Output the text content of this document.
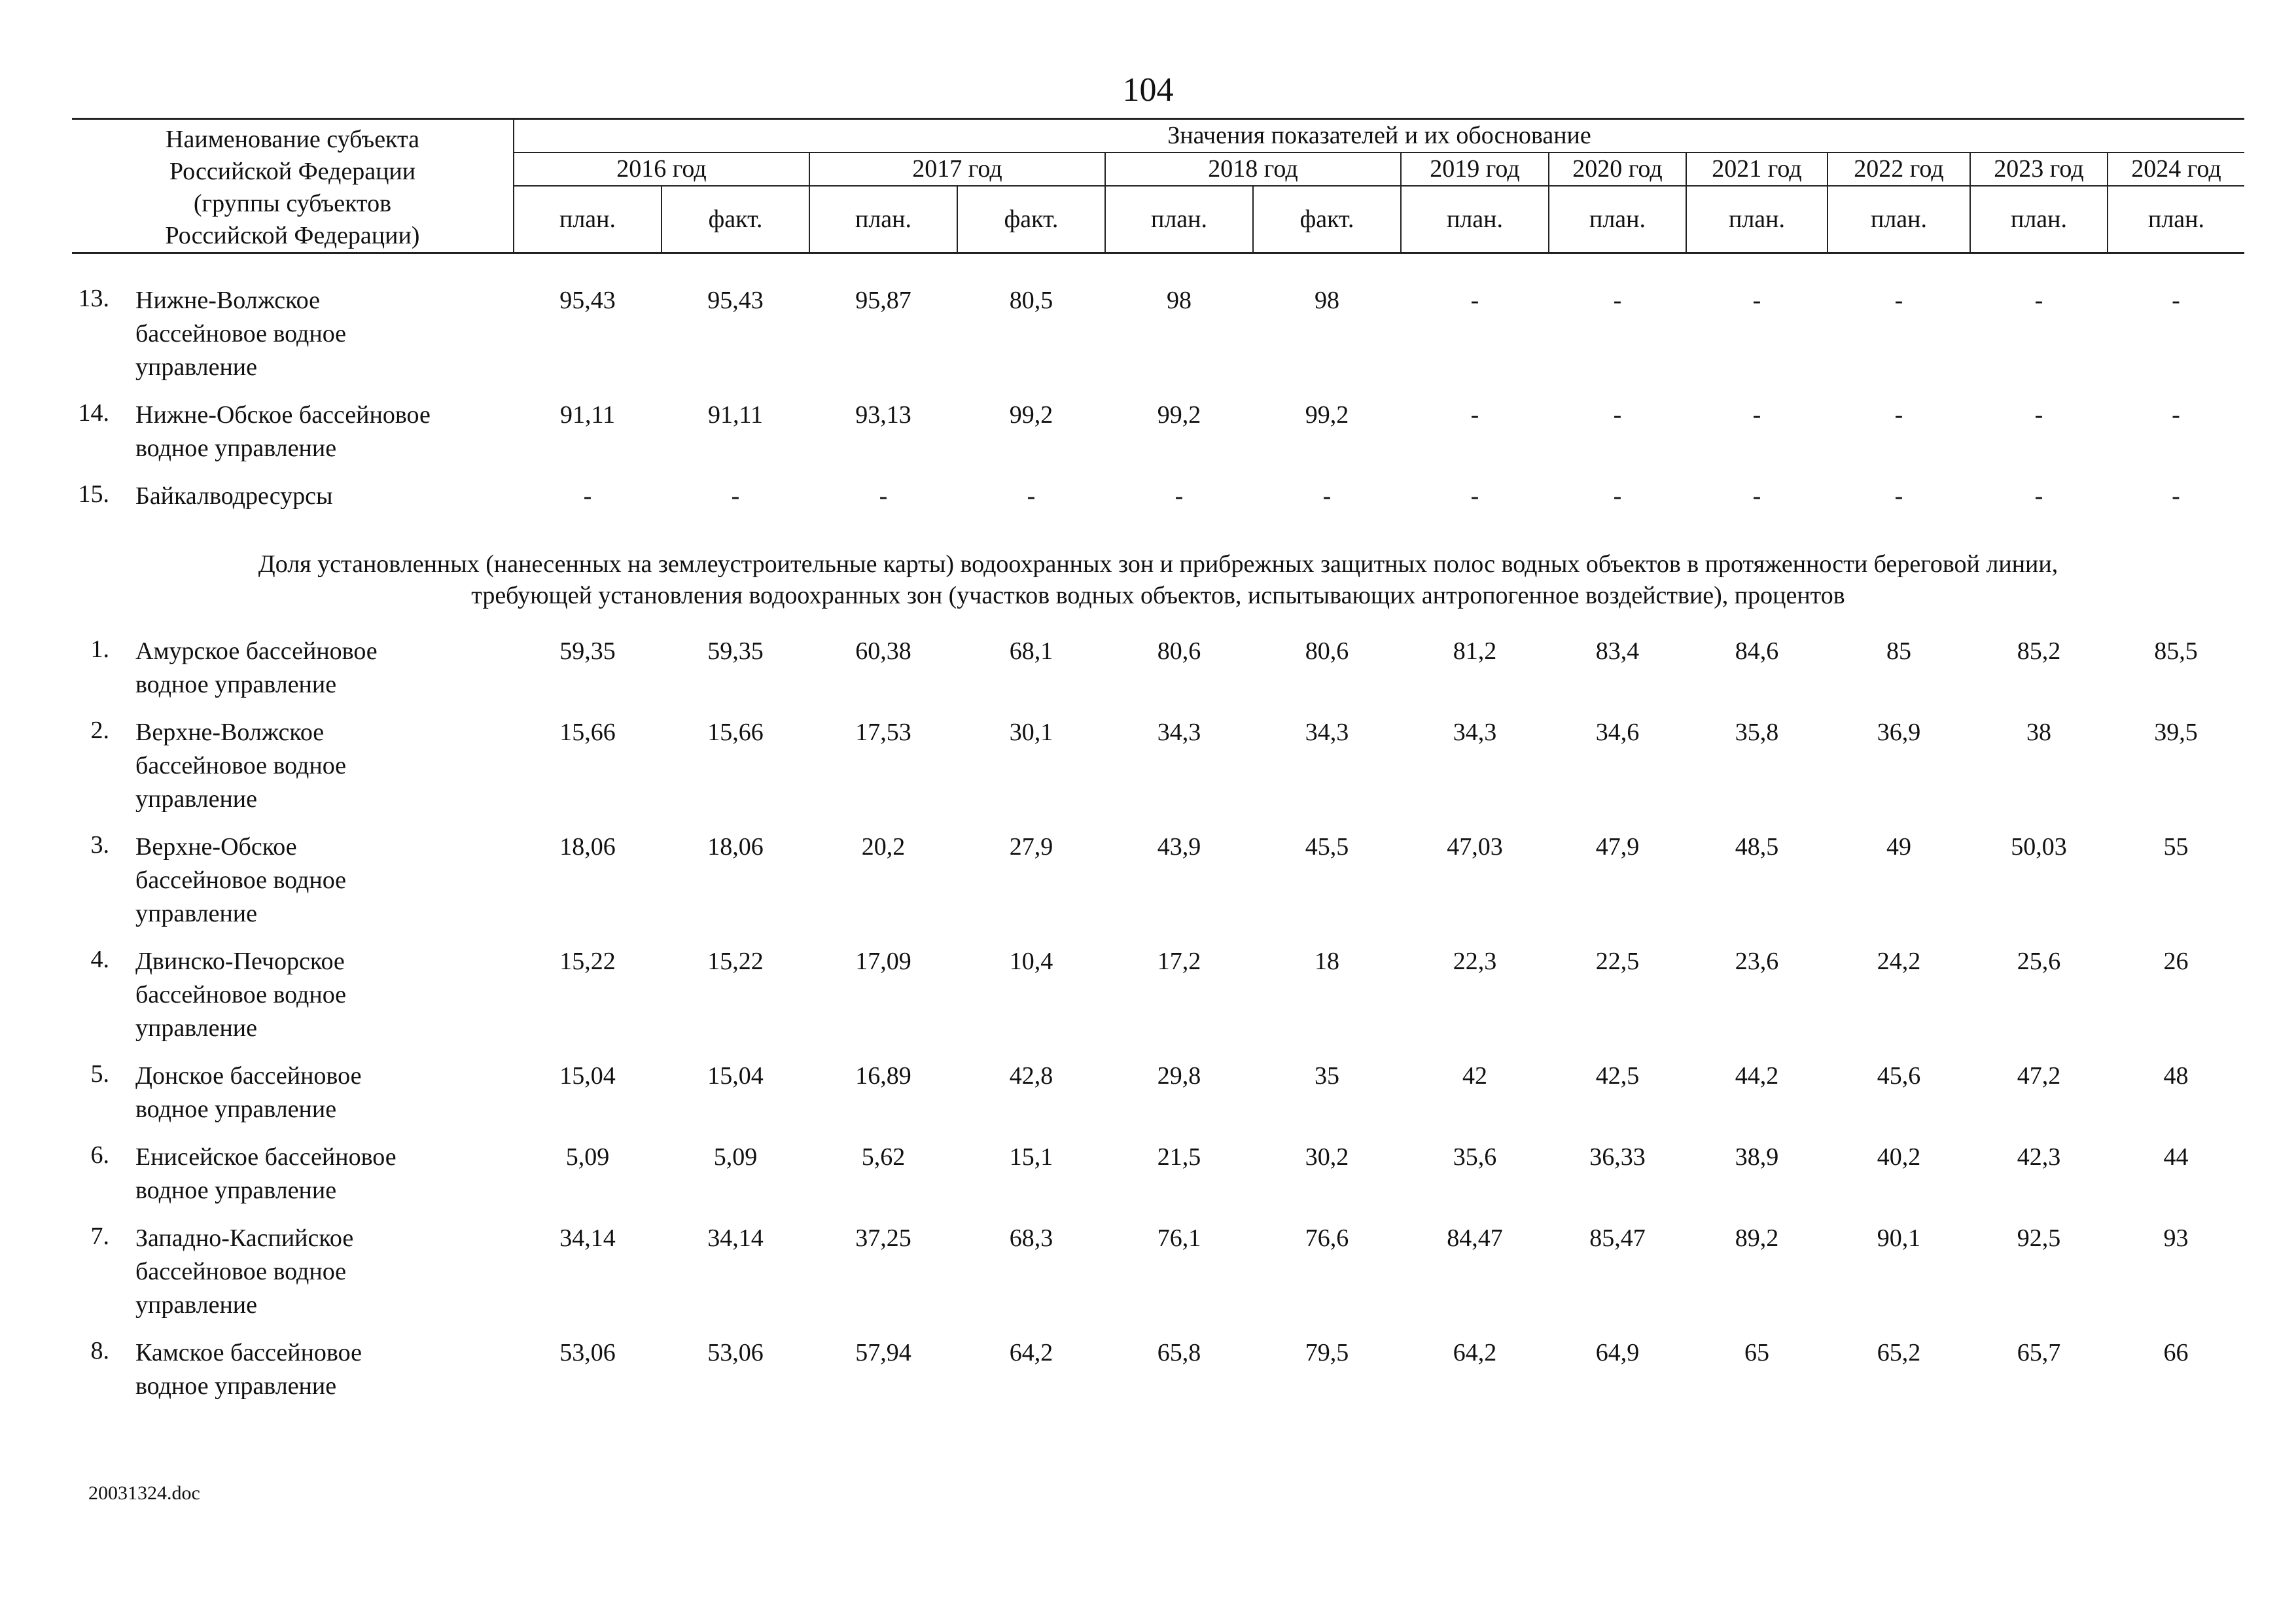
104
Наименование субъекта
Российской Федерации
(группы субъектов
Российской Федерации)		Значения показателей и их обоснование											
		2016 год		2017 год		2018 год		2019 год	2020 год	2021 год	2022 год	2023 год	2024 год
		план.	факт.	план.	факт.	план.	факт.	план.	план.	план.	план.	план.	план.
13.	Нижне-Волжское
бассейновое водное
управление	95,43	95,43	95,87	80,5	98	98	-	-	-	-	-	-
14.	Нижне-Обское бассейновое
водное управление	91,11	91,11	93,13	99,2	99,2	99,2	-	-	-	-	-	-
15.	Байкалводресурсы	-	-	-	-	-	-	-	-	-	-	-	-

Доля установленных (нанесенных на землеустроительные карты) водоохранных зон и прибрежных защитных полос водных объектов в протяженности береговой линии,
требующей установления водоохранных зон (участков водных объектов, испытывающих антропогенное воздействие), процентов													

1.	Амурское бассейновое
водное управление	59,35	59,35	60,38	68,1	80,6	80,6	81,2	83,4	84,6	85	85,2	85,5
2.	Верхне-Волжское
бассейновое водное
управление	15,66	15,66	17,53	30,1	34,3	34,3	34,3	34,6	35,8	36,9	38	39,5
3.	Верхне-Обское
бассейновое водное
управление	18,06	18,06	20,2	27,9	43,9	45,5	47,03	47,9	48,5	49	50,03	55
4.	Двинско-Печорское
бассейновое водное
управление	15,22	15,22	17,09	10,4	17,2	18	22,3	22,5	23,6	24,2	25,6	26
5.	Донское бассейновое
водное управление	15,04	15,04	16,89	42,8	29,8	35	42	42,5	44,2	45,6	47,2	48
6.	Енисейское бассейновое
водное управление	5,09	5,09	5,62	15,1	21,5	30,2	35,6	36,33	38,9	40,2	42,3	44
7.	Западно-Каспийское
бассейновое водное
управление	34,14	34,14	37,25	68,3	76,1	76,6	84,47	85,47	89,2	90,1	92,5	93
8.	Камское бассейновое
водное управление	53,06	53,06	57,94	64,2	65,8	79,5	64,2	64,9	65	65,2	65,7	66
20031324.doc
